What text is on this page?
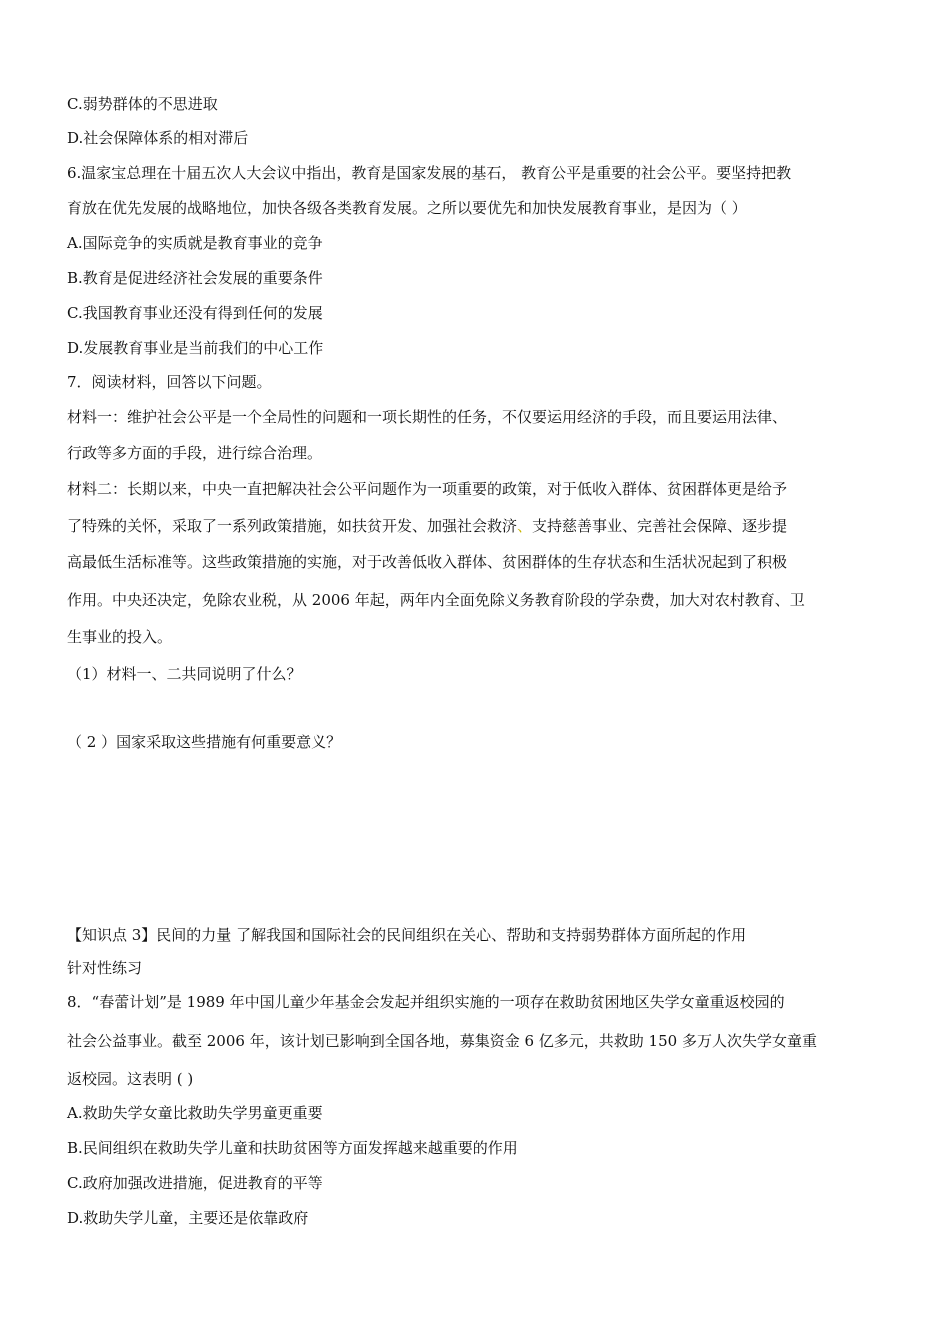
C.弱势群体的不思进取
D.社会保障体系的相对滞后
6.温家宝总理在十届五次人大会议中指出，教育是国家发展的基石， 教育公平是重要的社会公平。要坚持把教
育放在优先发展的战略地位，加快各级各类教育发展。之所以要优先和加快发展教育事业，是因为（ ）
A.国际竞争的实质就是教育事业的竞争
B.教育是促进经济社会发展的重要条件
C.我国教育事业还没有得到任何的发展
D.发展教育事业是当前我们的中心工作
7．阅读材料，回答以下问题。
材料一：维护社会公平是一个全局性的问题和一项长期性的任务，不仅要运用经济的手段，而且要运用法律、
行政等多方面的手段，进行综合治理。
材料二：长期以来，中央一直把解决社会公平问题作为一项重要的政策，对于低收入群体、贫困群体更是给予
了特殊的关怀，采取了一系列政策措施，如扶贫开发、加强社会救济、支持慈善事业、完善社会保障、逐步提
高最低生活标准等。这些政策措施的实施，对于改善低收入群体、贫困群体的生存状态和生活状况起到了积极
作用。中央还决定，免除农业税，从 2006 年起，两年内全面免除义务教育阶段的学杂费，加大对农村教育、卫
生事业的投入。
（1）材料一、二共同说明了什么？
（ 2 ）国家采取这些措施有何重要意义？
【知识点 3】民间的力量 了解我国和国际社会的民间组织在关心、帮助和支持弱势群体方面所起的作用
针对性练习
8．“春蕾计划”是 1989 年中国儿童少年基金会发起并组织实施的一项存在救助贫困地区失学女童重返校园的
社会公益事业。截至 2006 年，该计划已影响到全国各地，募集资金 6 亿多元，共救助 150 多万人次失学女童重
返校园。这表明 ( )
A.救助失学女童比救助失学男童更重要
B.民间组织在救助失学儿童和扶助贫困等方面发挥越来越重要的作用
C.政府加强改进措施，促进教育的平等
D.救助失学儿童，主要还是依靠政府
